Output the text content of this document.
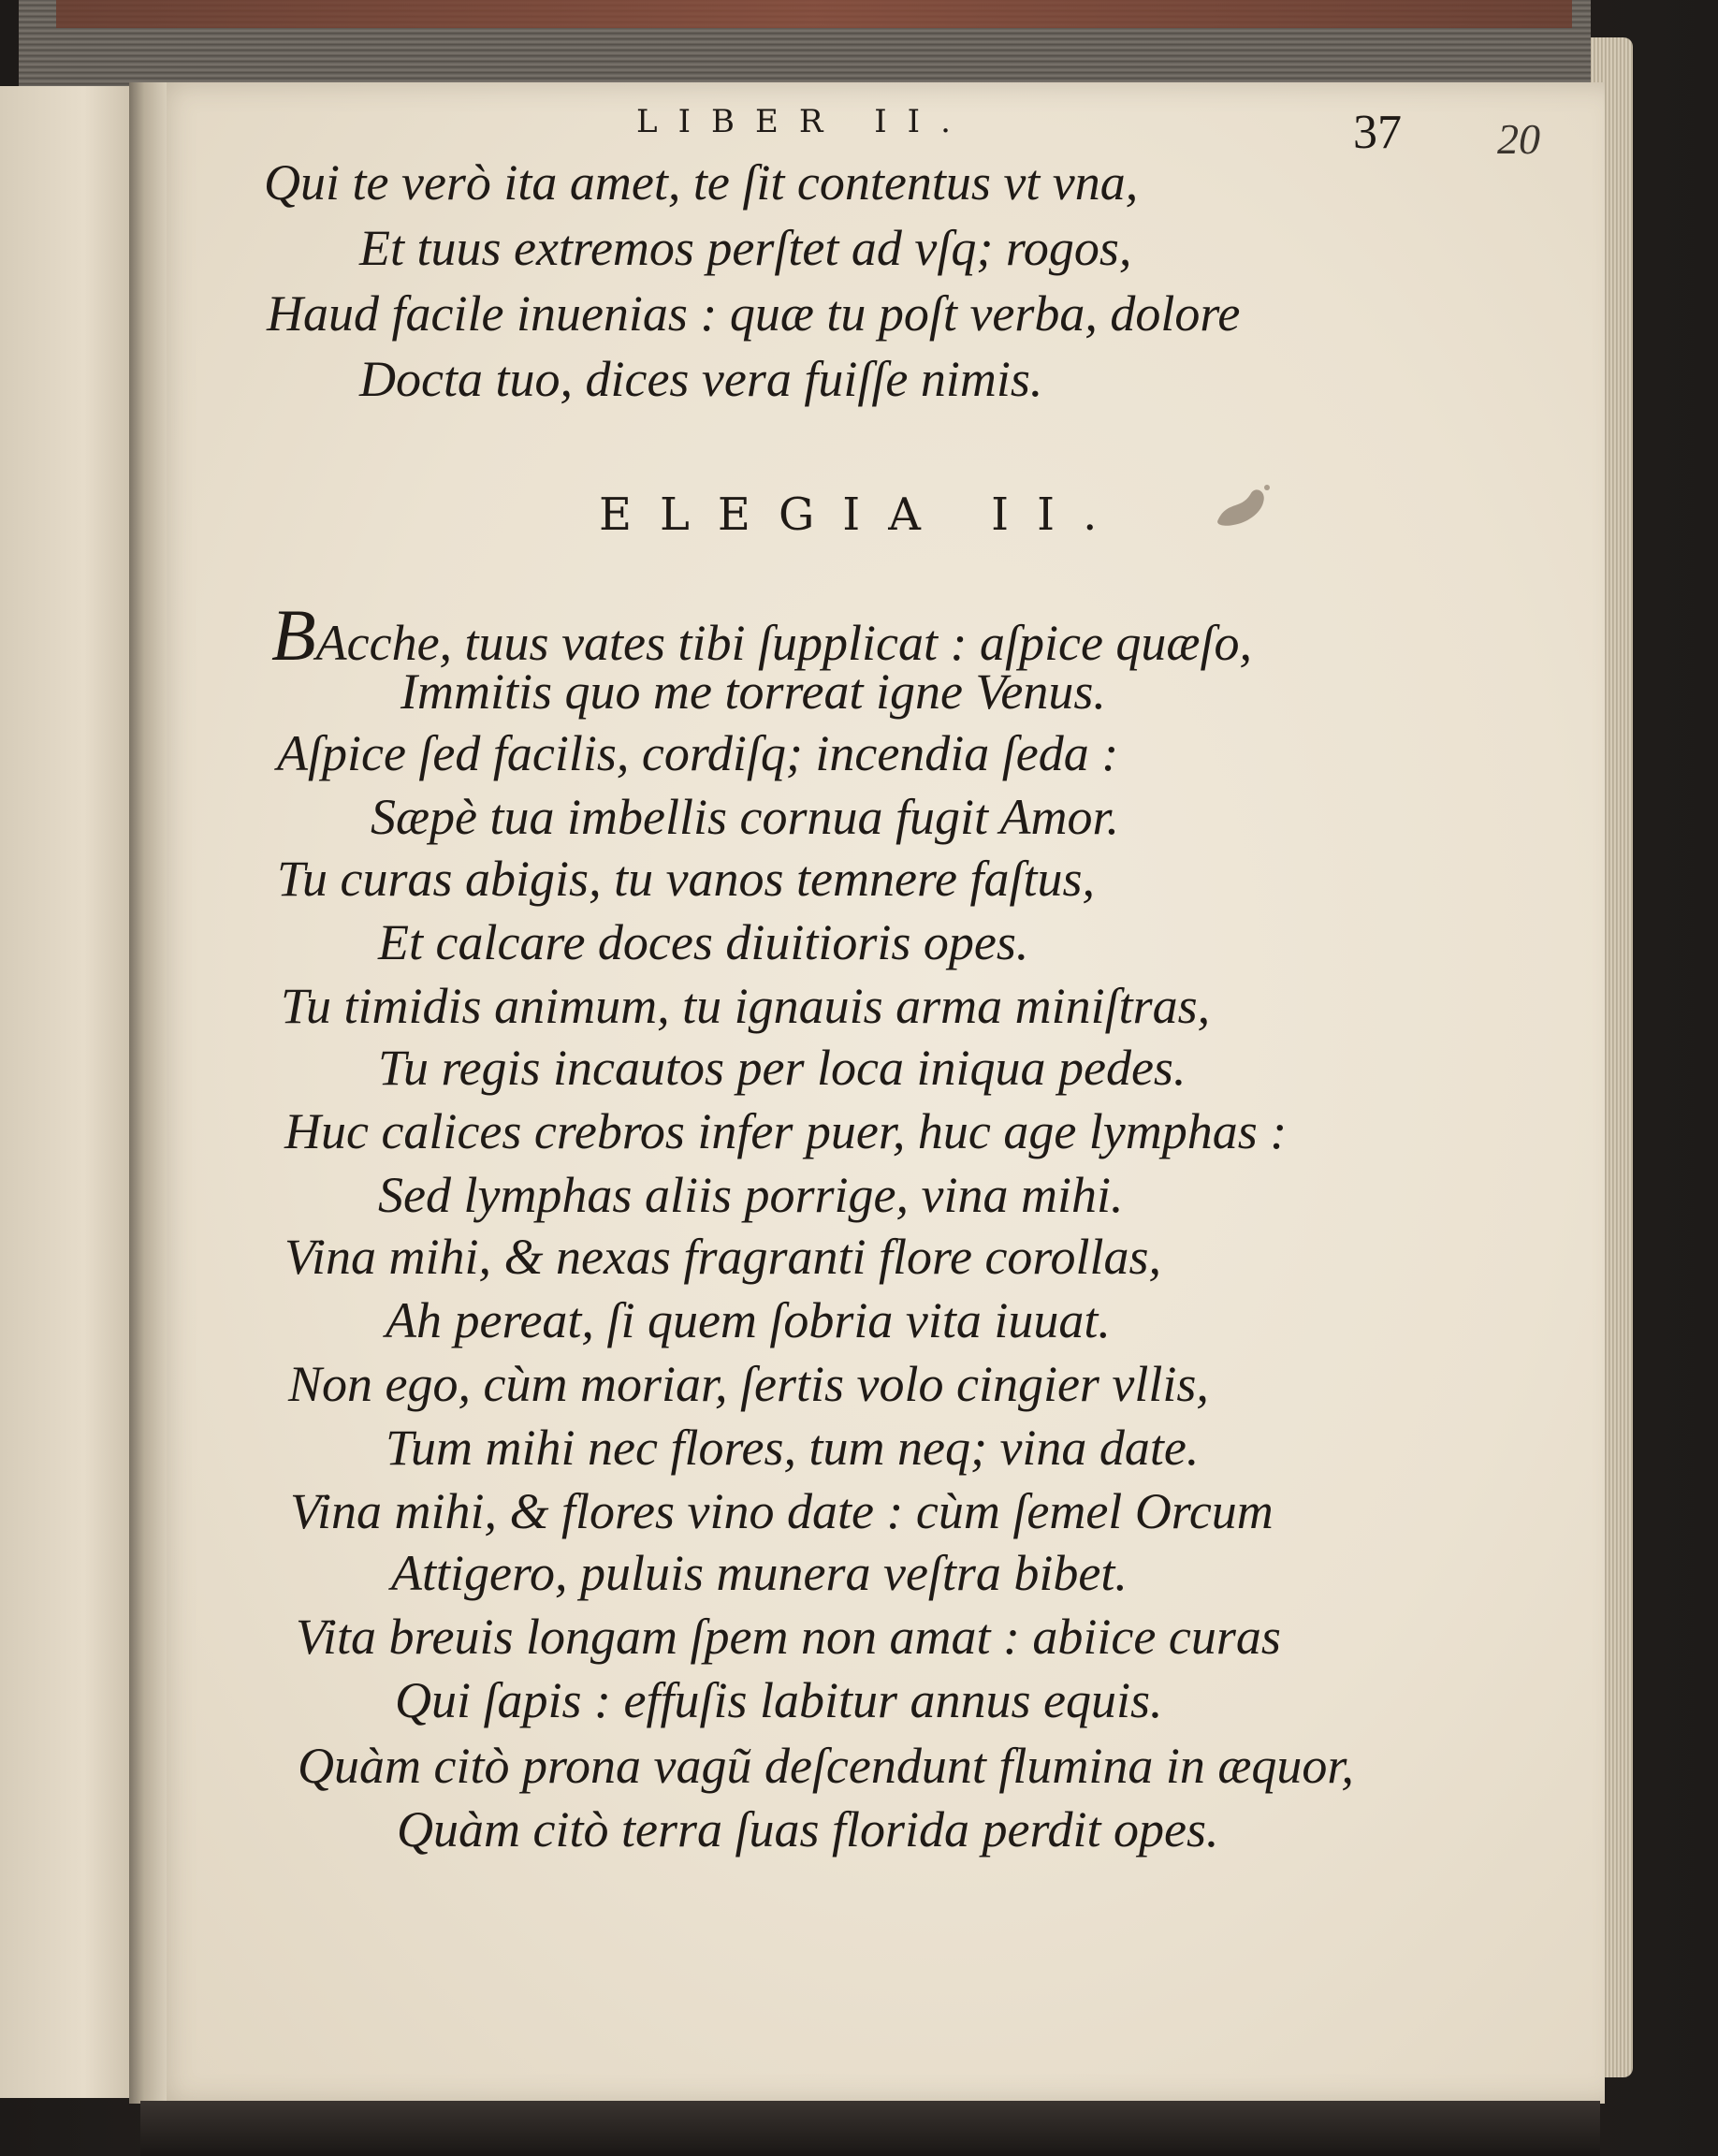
LIBER II.	37 20

Qui te verò ita amet, te ſit contentus vt vna,

Et tuus extremos perſtet ad vſq; rogos,

Haud facile inuenias : quæ tu poſt verba, dolore

Docta tuo, dices vera fuiſſe nimis.

ELEGIA II.

BAcche, tuus vates tibi ſupplicat : aſpice quæſo,

Immitis quo me torreat igne Venus.

Aſpice ſed facilis, cordiſq; incendia ſeda :

Sæpè tua imbellis cornua fugit Amor.

Tu curas abigis, tu vanos temnere faſtus,

Et calcare doces diuitioris opes.

Tu timidis animum, tu ignauis arma miniſtras,

Tu regis incautos per loca iniqua pedes.

Huc calices crebros infer puer, huc age lymphas :

Sed lymphas aliis porrige, vina mihi.

Vina mihi, & nexas fragranti flore corollas,

Ah pereat, ſi quem ſobria vita iuuat.

Non ego, cùm moriar, ſertis volo cingier vllis,

Tum mihi nec flores, tum neq; vina date.

Vina mihi, & flores vino date : cùm ſemel Orcum

Attigero, puluis munera veſtra bibet.

Vita breuis longam ſpem non amat : abiice curas

Qui ſapis : effuſis labitur annus equis.

Quàm citò prona vagũ deſcendunt flumina in æquor,

Quàm citò terra ſuas florida perdit opes.
